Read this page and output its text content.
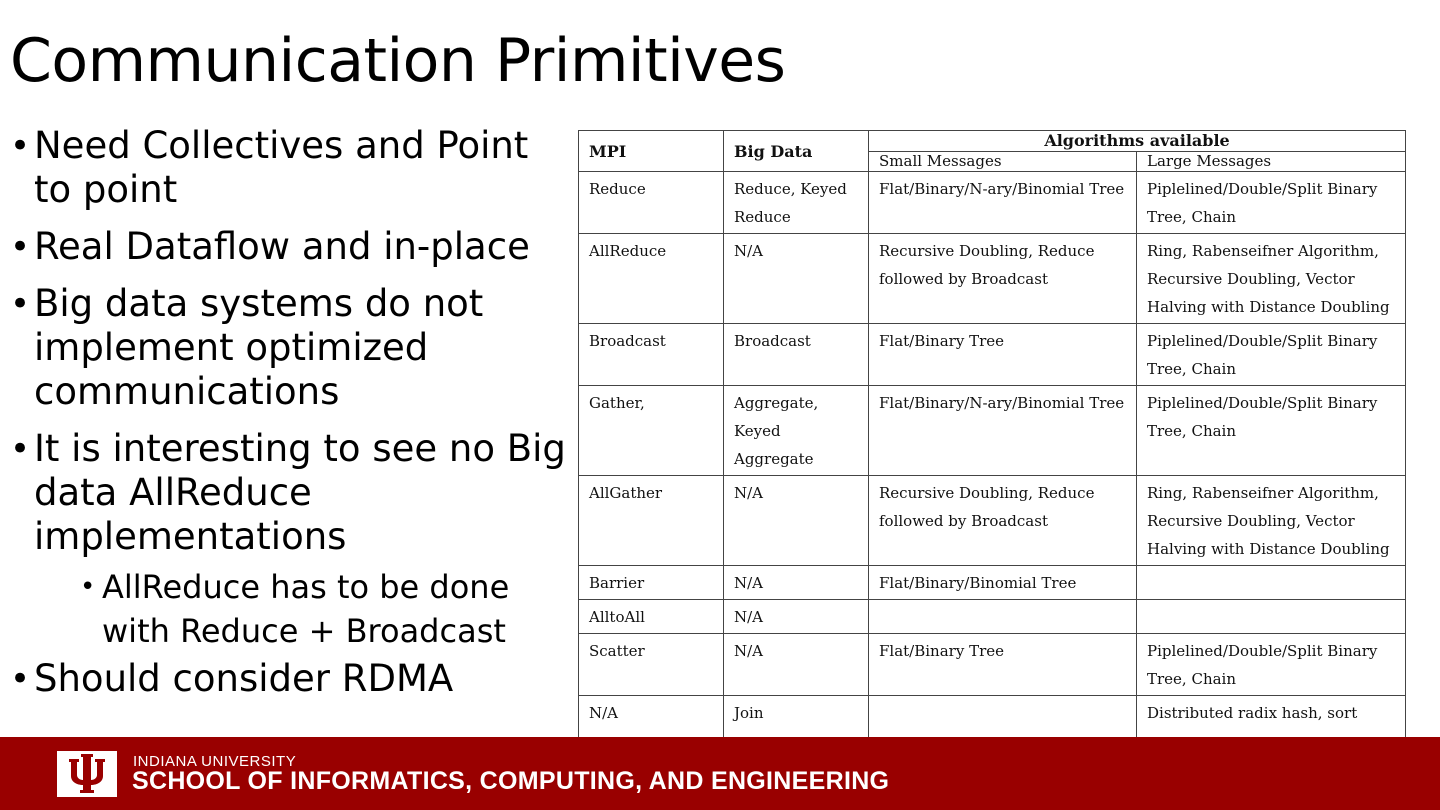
Communication Primitives
• Need Collectives and Point to point
• Real Dataflow and in-place
• Big data systems do not implement optimized communications
• It is interesting to see no Big data AllReduce implementations
• AllReduce has to be done with Reduce + Broadcast
• Should consider RDMA
MPI	Big Data	Algorithms available	
		Small Messages	Large Messages
Reduce	Reduce, Keyed Reduce	Flat/Binary/N-ary/Binomial Tree	Piplelined/Double/Split Binary Tree, Chain
AllReduce	N/A	Recursive Doubling, Reduce followed by Broadcast	Ring, Rabenseifner Algorithm, Recursive Doubling, Vector Halving with Distance Doubling
Broadcast	Broadcast	Flat/Binary Tree	Piplelined/Double/Split Binary Tree, Chain
Gather,	Aggregate, Keyed Aggregate	Flat/Binary/N-ary/Binomial Tree	Piplelined/Double/Split Binary Tree, Chain
AllGather	N/A	Recursive Doubling, Reduce followed by Broadcast	Ring, Rabenseifner Algorithm, Recursive Doubling, Vector Halving with Distance Doubling
Barrier	N/A	Flat/Binary/Binomial Tree	
AlltoAll	N/A		
Scatter	N/A	Flat/Binary Tree	Piplelined/Double/Split Binary Tree, Chain
N/A	Join		Distributed radix hash, sort
INDIANA UNIVERSITY
SCHOOL OF INFORMATICS, COMPUTING, AND ENGINEERING
